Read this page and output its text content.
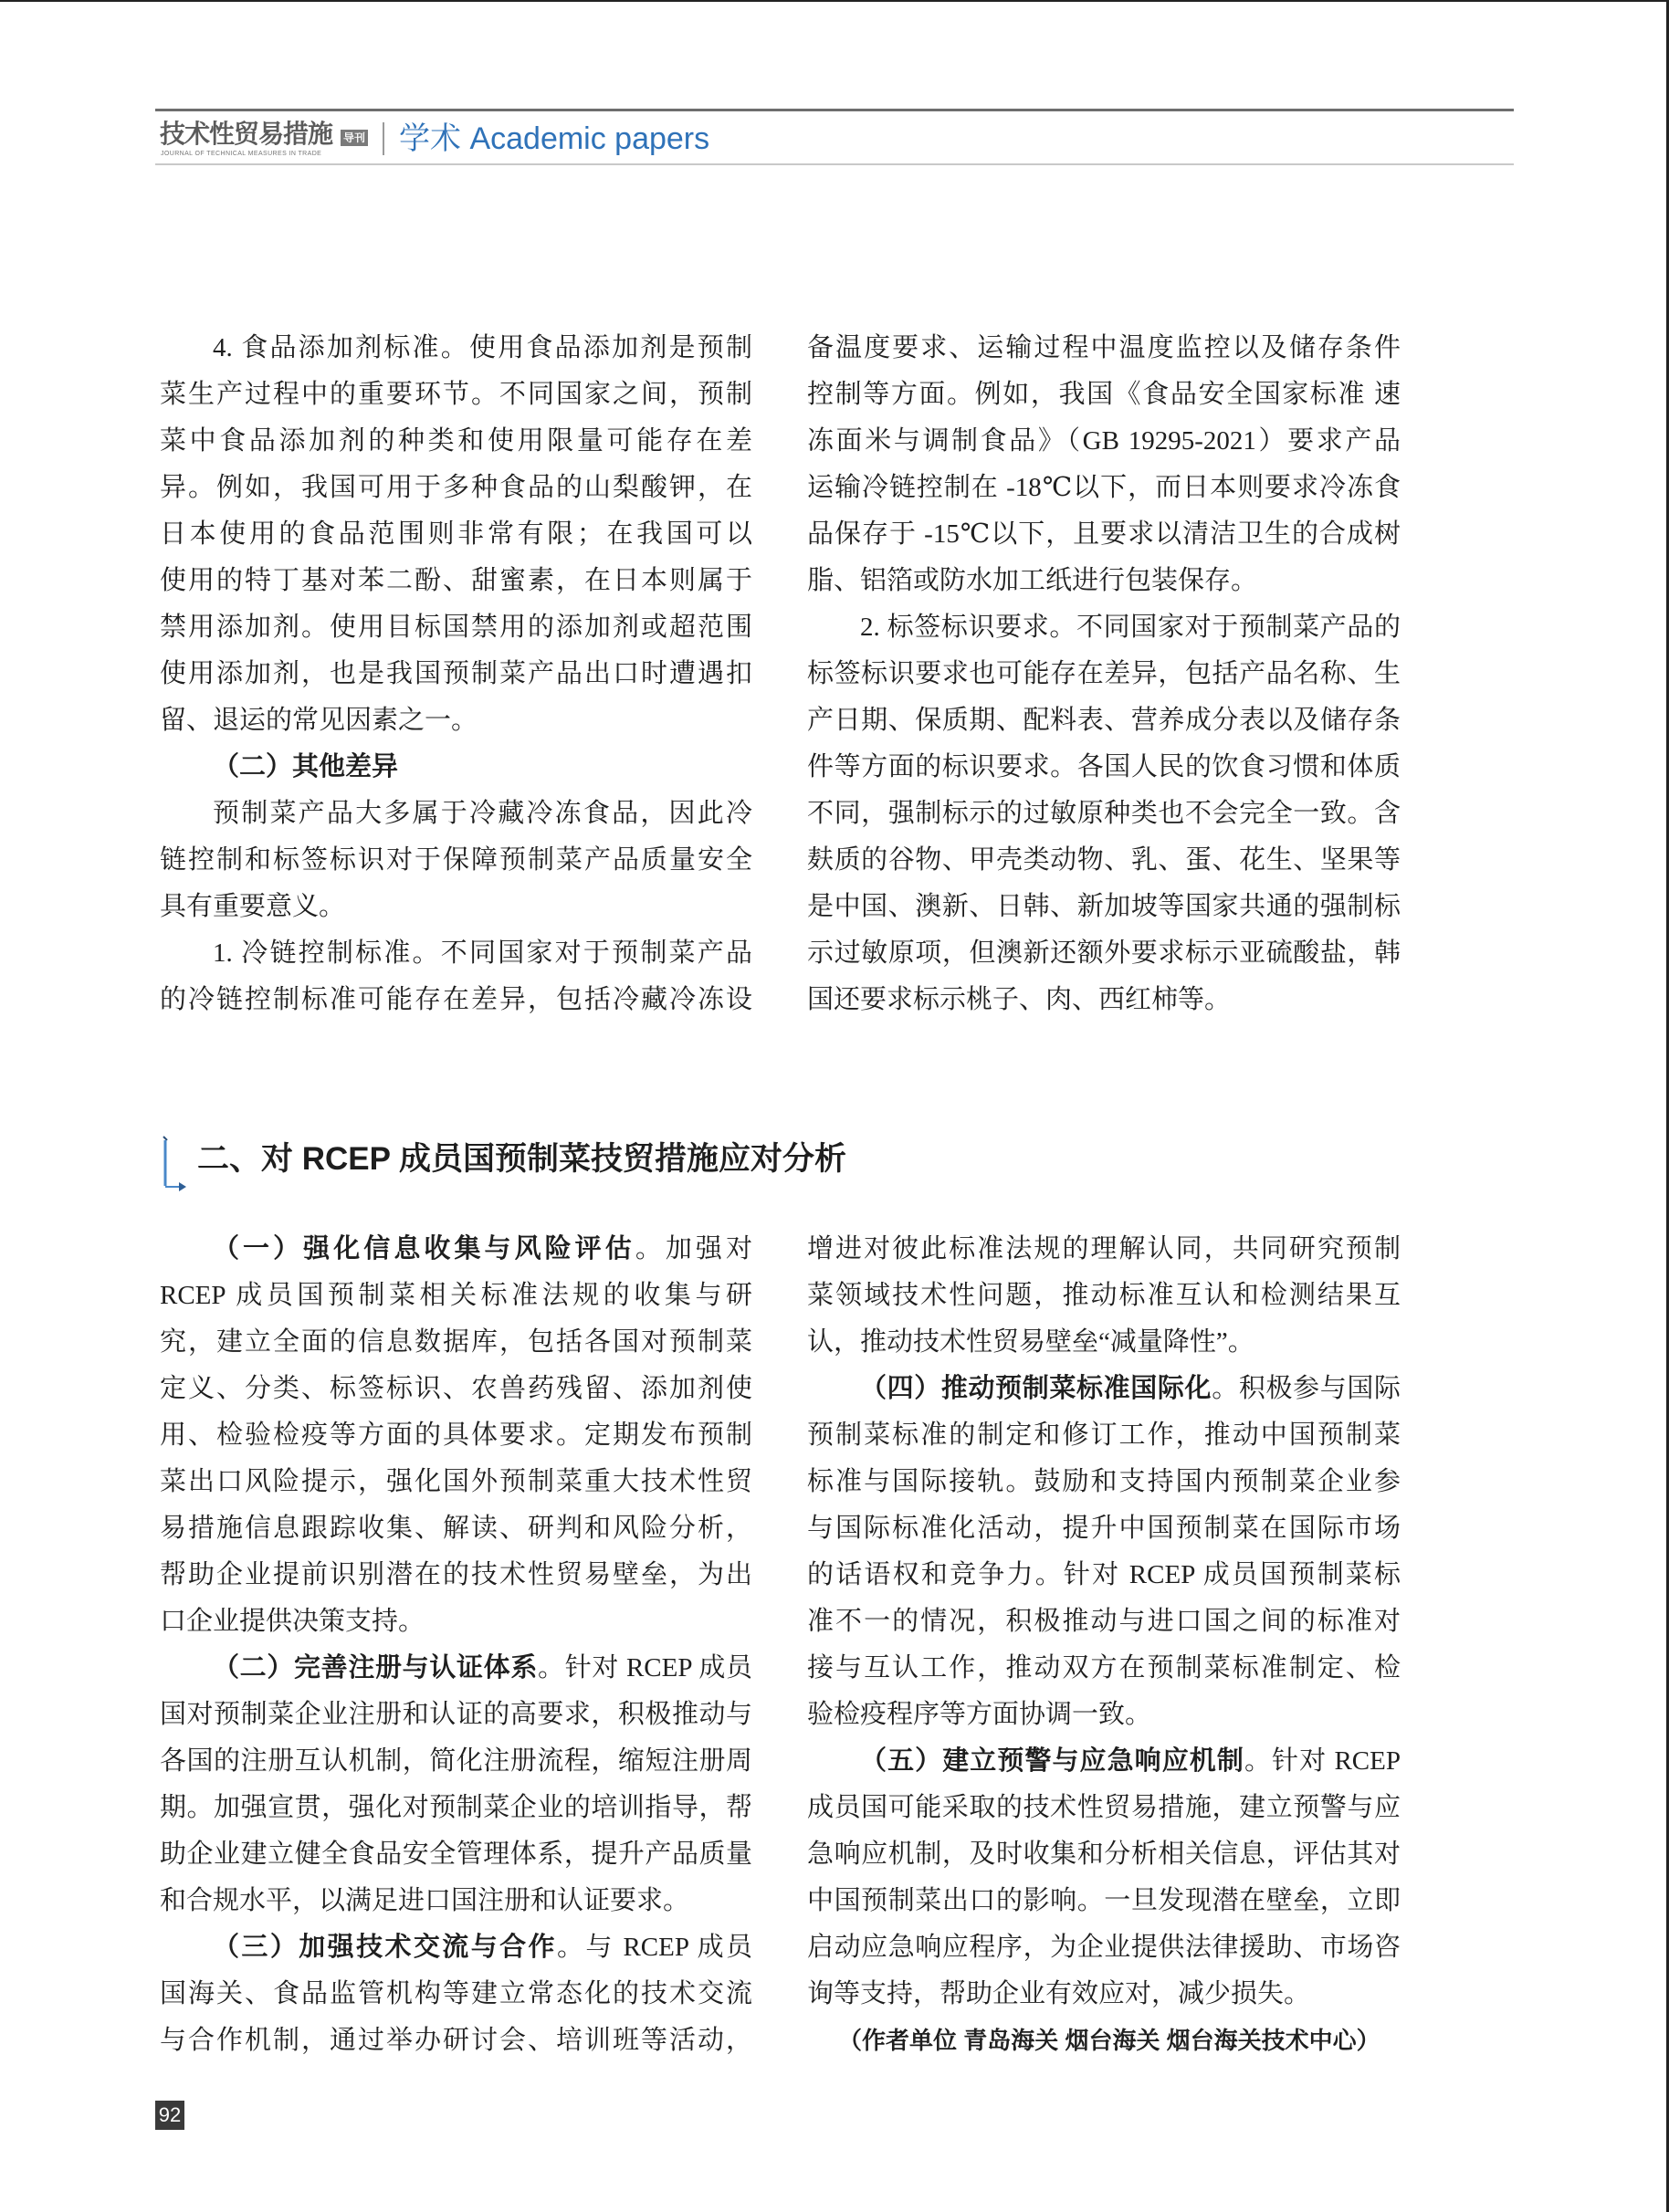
技术性贸易措施 导刊
JOURNAL OF TECHNICAL MEASURES IN TRADE 学术 Academic papers
4. 食品添加剂标准。使用食品添加剂是预制
菜生产过程中的重要环节。不同国家之间，预制
菜中食品添加剂的种类和使用限量可能存在差
异。例如，我国可用于多种食品的山梨酸钾，在
日本使用的食品范围则非常有限；在我国可以
使用的特丁基对苯二酚、甜蜜素，在日本则属于
禁用添加剂。使用目标国禁用的添加剂或超范围
使用添加剂，也是我国预制菜产品出口时遭遇扣
留、退运的常见因素之一。
（二）其他差异
预制菜产品大多属于冷藏冷冻食品，因此冷
链控制和标签标识对于保障预制菜产品质量安全
具有重要意义。
1. 冷链控制标准。不同国家对于预制菜产品
的冷链控制标准可能存在差异，包括冷藏冷冻设
备温度要求、运输过程中温度监控以及储存条件
控制等方面。例如，我国《食品安全国家标准 速
冻面米与调制食品》（GB 19295-2021）要求产品
运输冷链控制在 -18℃以下，而日本则要求冷冻食
品保存于 -15℃以下，且要求以清洁卫生的合成树
脂、铝箔或防水加工纸进行包装保存。
2. 标签标识要求。不同国家对于预制菜产品的
标签标识要求也可能存在差异，包括产品名称、生
产日期、保质期、配料表、营养成分表以及储存条
件等方面的标识要求。各国人民的饮食习惯和体质
不同，强制标示的过敏原种类也不会完全一致。含
麸质的谷物、甲壳类动物、乳、蛋、花生、坚果等
是中国、澳新、日韩、新加坡等国家共通的强制标
示过敏原项，但澳新还额外要求标示亚硫酸盐，韩
国还要求标示桃子、肉、西红柿等。
二、对 RCEP 成员国预制菜技贸措施应对分析
（一）强化信息收集与风险评估。加强对
RCEP 成员国预制菜相关标准法规的收集与研
究，建立全面的信息数据库，包括各国对预制菜
定义、分类、标签标识、农兽药残留、添加剂使
用、检验检疫等方面的具体要求。定期发布预制
菜出口风险提示，强化国外预制菜重大技术性贸
易措施信息跟踪收集、解读、研判和风险分析，
帮助企业提前识别潜在的技术性贸易壁垒，为出
口企业提供决策支持。
（二）完善注册与认证体系。针对 RCEP 成员
国对预制菜企业注册和认证的高要求，积极推动与
各国的注册互认机制，简化注册流程，缩短注册周
期。加强宣贯，强化对预制菜企业的培训指导，帮
助企业建立健全食品安全管理体系，提升产品质量
和合规水平，以满足进口国注册和认证要求。
（三）加强技术交流与合作。与 RCEP 成员
国海关、食品监管机构等建立常态化的技术交流
与合作机制，通过举办研讨会、培训班等活动，
增进对彼此标准法规的理解认同，共同研究预制
菜领域技术性问题，推动标准互认和检测结果互
认，推动技术性贸易壁垒“减量降性”。
（四）推动预制菜标准国际化。积极参与国际
预制菜标准的制定和修订工作，推动中国预制菜
标准与国际接轨。鼓励和支持国内预制菜企业参
与国际标准化活动，提升中国预制菜在国际市场
的话语权和竞争力。针对 RCEP 成员国预制菜标
准不一的情况，积极推动与进口国之间的标准对
接与互认工作，推动双方在预制菜标准制定、检
验检疫程序等方面协调一致。
（五）建立预警与应急响应机制。针对 RCEP
成员国可能采取的技术性贸易措施，建立预警与应
急响应机制，及时收集和分析相关信息，评估其对
中国预制菜出口的影响。一旦发现潜在壁垒，立即
启动应急响应程序，为企业提供法律援助、市场咨
询等支持，帮助企业有效应对，减少损失。
（作者单位 青岛海关 烟台海关 烟台海关技术中心）
92
